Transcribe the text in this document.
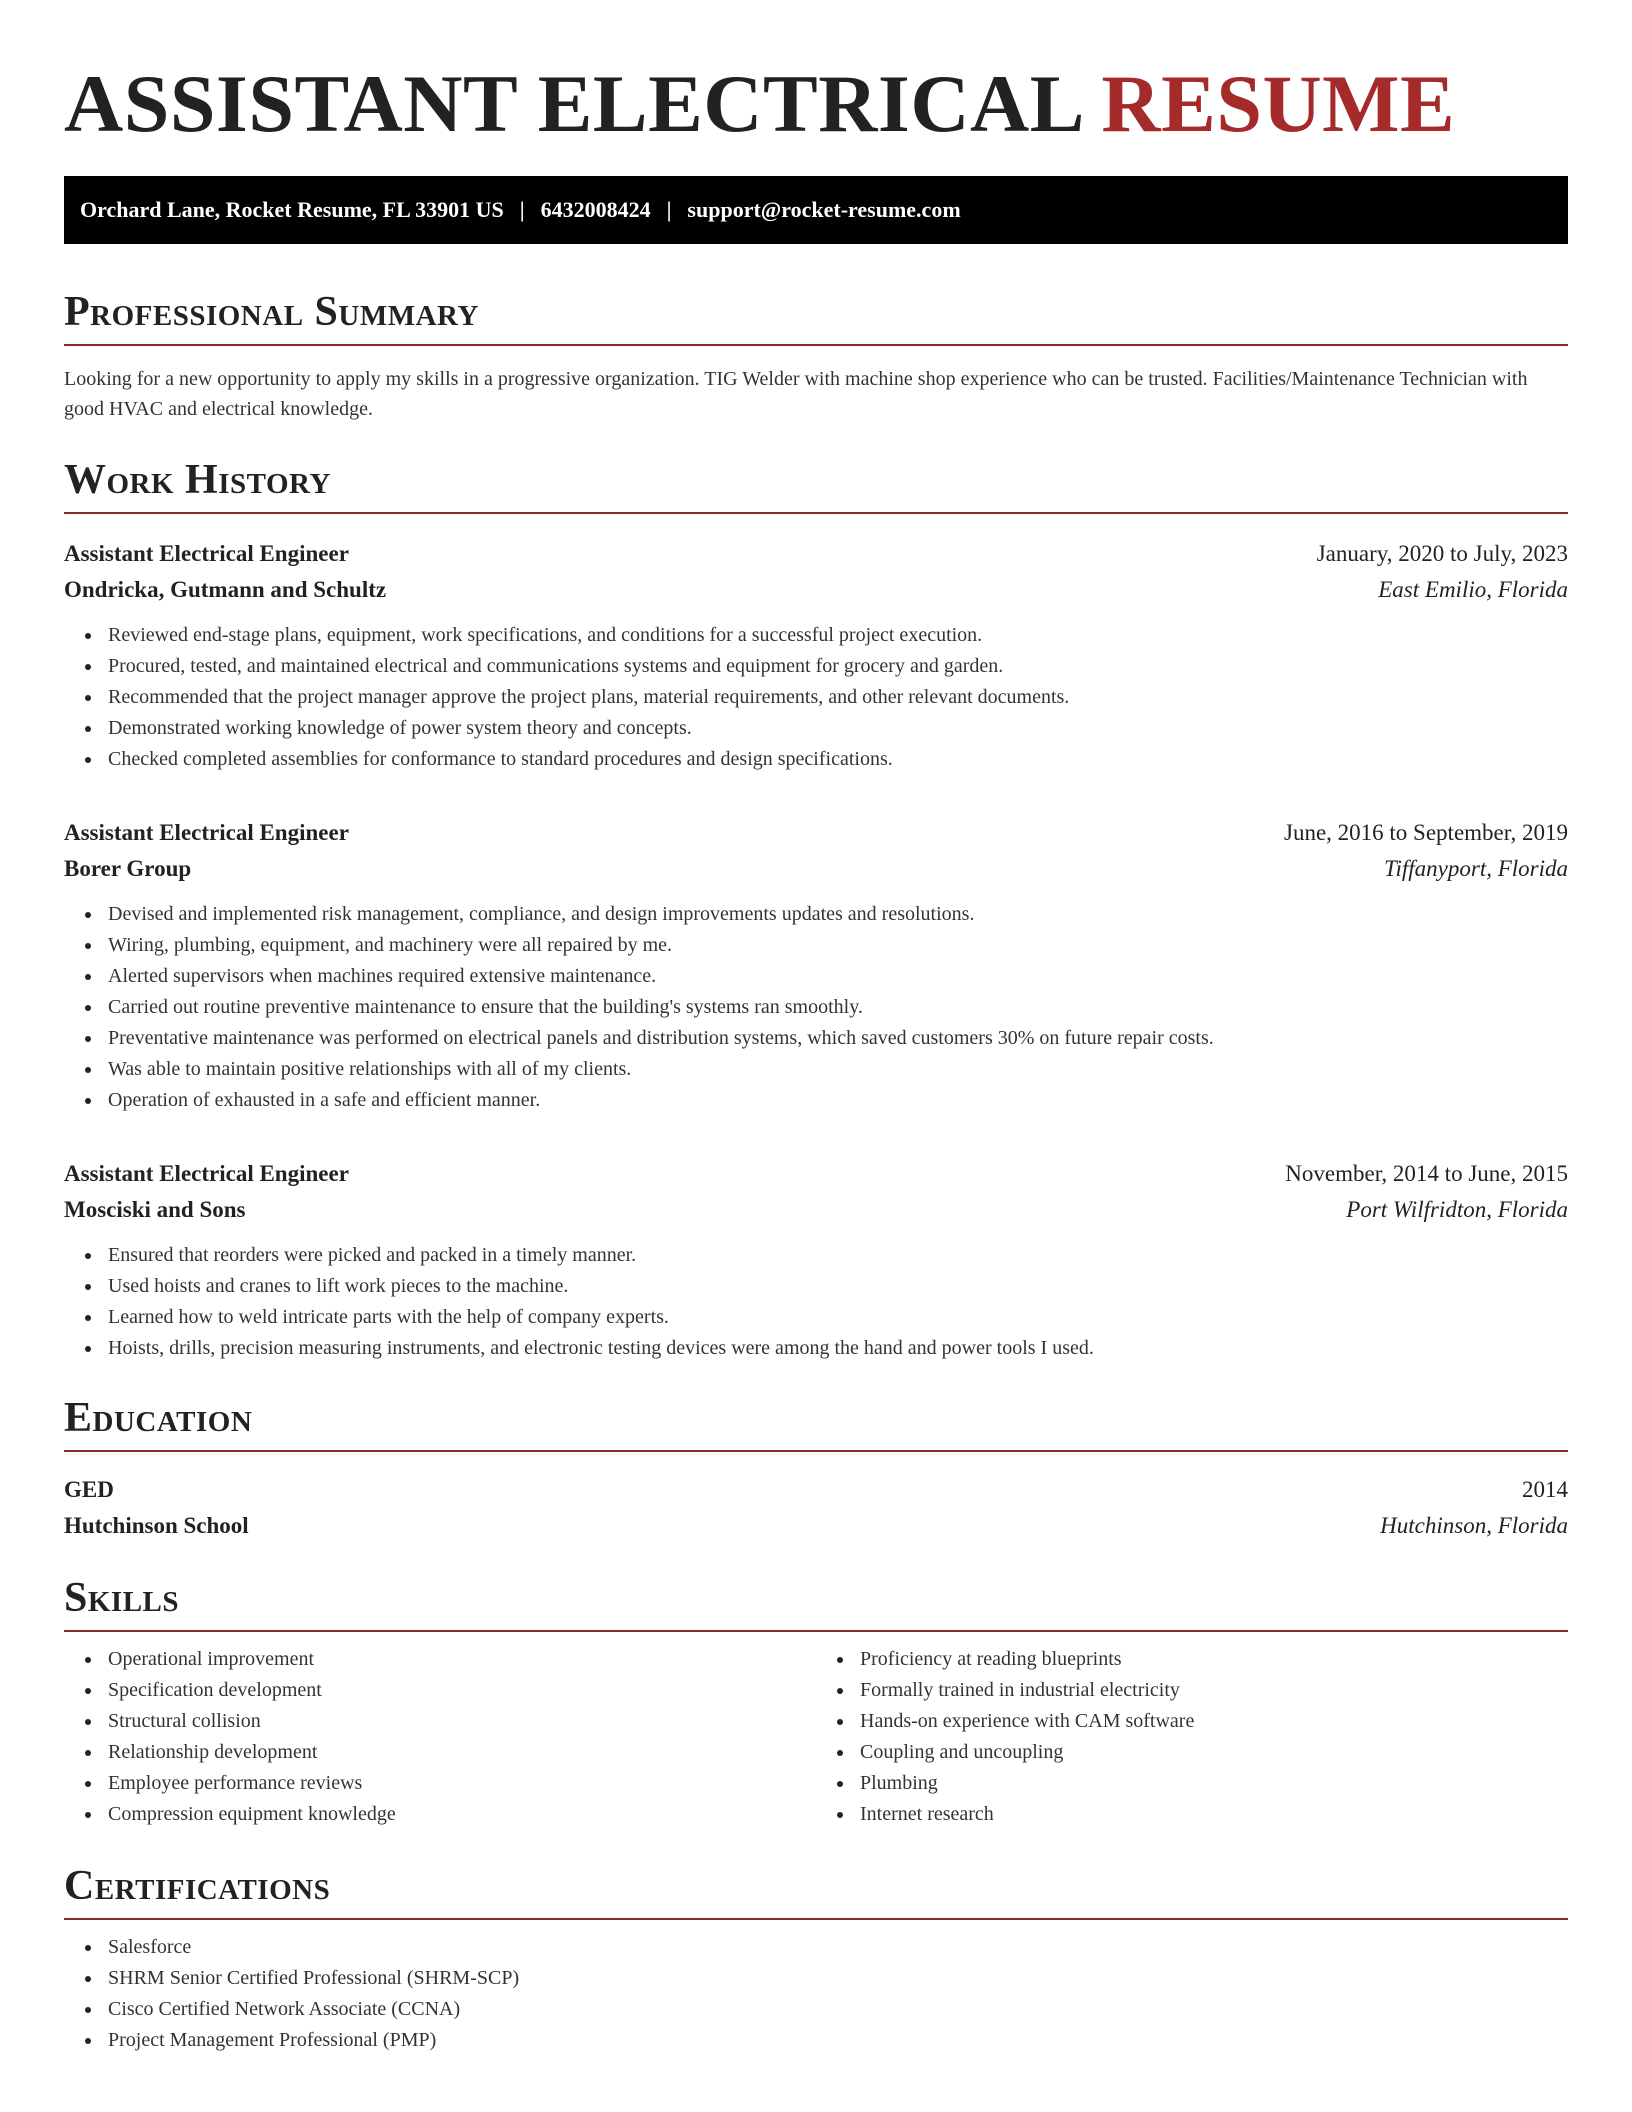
ASSISTANT ELECTRICAL RESUME
Orchard Lane, Rocket Resume, FL 33901 US | 6432008424 | support@rocket-resume.com
Professional Summary

Looking for a new opportunity to apply my skills in a progressive organization. TIG Welder with machine shop experience who can be trusted. Facilities/Maintenance Technician with good HVAC and electrical knowledge.

Work History
Assistant Electrical Engineer	January, 2020 to July, 2023
Ondricka, Gutmann and Schultz	East Emilio, Florida
Reviewed end-stage plans, equipment, work specifications, and conditions for a successful project execution.
Procured, tested, and maintained electrical and communications systems and equipment for grocery and garden.
Recommended that the project manager approve the project plans, material requirements, and other relevant documents.
Demonstrated working knowledge of power system theory and concepts.
Checked completed assemblies for conformance to standard procedures and design specifications.
Assistant Electrical Engineer	June, 2016 to September, 2019
Borer Group	Tiffanyport, Florida
Devised and implemented risk management, compliance, and design improvements updates and resolutions.
Wiring, plumbing, equipment, and machinery were all repaired by me.
Alerted supervisors when machines required extensive maintenance.
Carried out routine preventive maintenance to ensure that the building's systems ran smoothly.
Preventative maintenance was performed on electrical panels and distribution systems, which saved customers 30% on future repair costs.
Was able to maintain positive relationships with all of my clients.
Operation of exhausted in a safe and efficient manner.
Assistant Electrical Engineer	November, 2014 to June, 2015
Mosciski and Sons	Port Wilfridton, Florida
Ensured that reorders were picked and packed in a timely manner.
Used hoists and cranes to lift work pieces to the machine.
Learned how to weld intricate parts with the help of company experts.
Hoists, drills, precision measuring instruments, and electronic testing devices were among the hand and power tools I used.
Education
GED	2014
Hutchinson School	Hutchinson, Florida
Skills
Operational improvement
Specification development
Structural collision
Relationship development
Employee performance reviews
Compression equipment knowledge
Proficiency at reading blueprints
Formally trained in industrial electricity
Hands-on experience with CAM software
Coupling and uncoupling
Plumbing
Internet research
Certifications
Salesforce
SHRM Senior Certified Professional (SHRM-SCP)
Cisco Certified Network Associate (CCNA)
Project Management Professional (PMP)
